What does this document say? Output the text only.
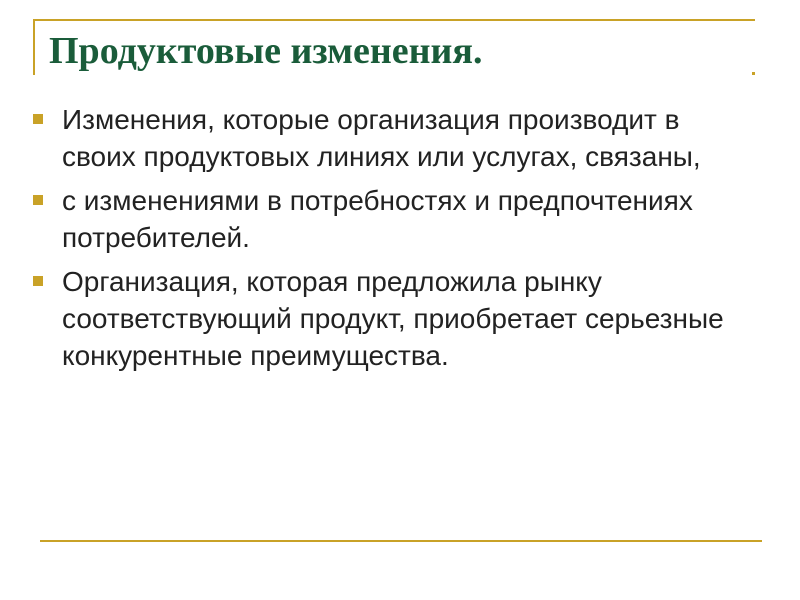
Продуктовые изменения.
Изменения, которые организация производит в своих продуктовых линиях или услугах, связаны,
с изменениями в потребностях и предпочтениях потребителей.
Организация, которая предложила рынку соответствующий продукт, приобретает серьезные конкурентные преимущества.
